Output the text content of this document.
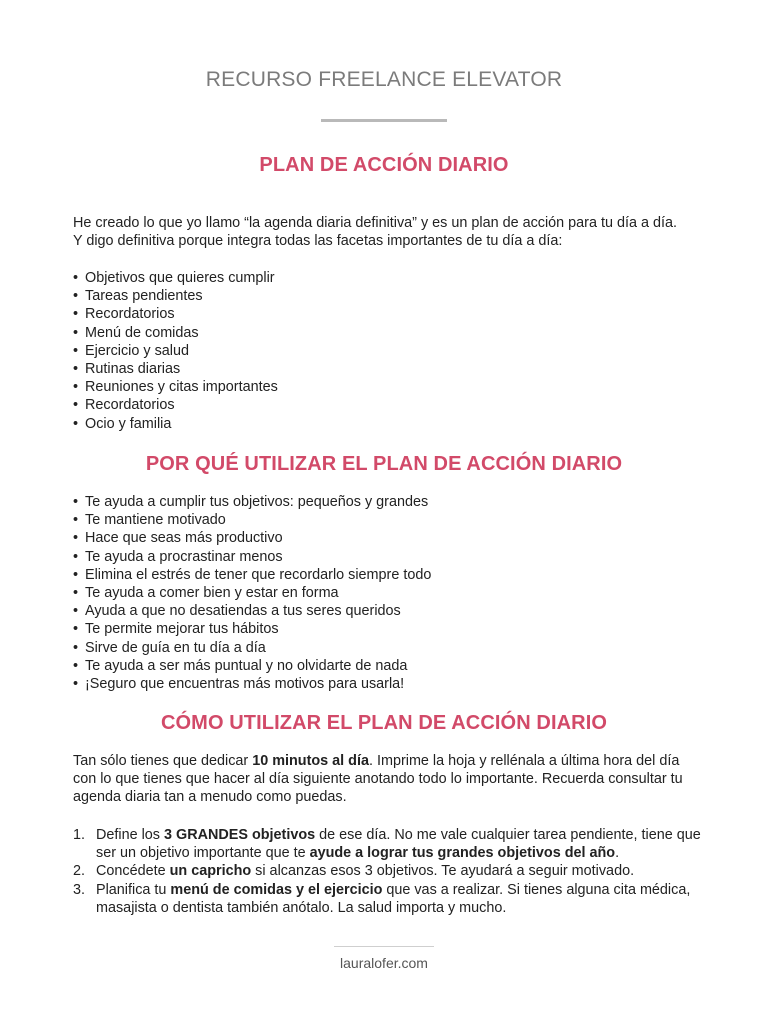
RECURSO FREELANCE ELEVATOR
PLAN DE ACCIÓN DIARIO
He creado lo que yo llamo “la agenda diaria definitiva” y es un plan de acción para tu día a día.
Y digo definitiva porque integra todas las facetas importantes de tu día a día:
• Objetivos que quieres cumplir
• Tareas pendientes
• Recordatorios
• Menú de comidas
• Ejercicio y salud
• Rutinas diarias
• Reuniones y citas importantes
• Recordatorios
• Ocio y familia
POR QUÉ UTILIZAR EL PLAN DE ACCIÓN DIARIO
• Te ayuda a cumplir tus objetivos: pequeños y grandes
• Te mantiene motivado
• Hace que seas más productivo
• Te ayuda a procrastinar menos
• Elimina el estrés de tener que recordarlo siempre todo
• Te ayuda a comer bien y estar en forma
• Ayuda a que no desatiendas a tus seres queridos
• Te permite mejorar tus hábitos
• Sirve de guía en tu día a día
• Te ayuda a ser más puntual y no olvidarte de nada
• ¡Seguro que encuentras más motivos para usarla!
CÓMO UTILIZAR EL PLAN DE ACCIÓN DIARIO
Tan sólo tienes que dedicar 10 minutos al día. Imprime la hoja y rellénala a última hora del día con lo que tienes que hacer al día siguiente anotando todo lo importante. Recuerda consultar tu agenda diaria tan a menudo como puedas.
1. Define los 3 GRANDES objetivos de ese día. No me vale cualquier tarea pendiente, tiene que ser un objetivo importante que te ayude a lograr tus grandes objetivos del año.
2. Concédete un capricho si alcanzas esos 3 objetivos. Te ayudará a seguir motivado.
3. Planifica tu menú de comidas y el ejercicio que vas a realizar. Si tienes alguna cita médica, masajista o dentista también anótalo. La salud importa y mucho.
lauralofer.com
